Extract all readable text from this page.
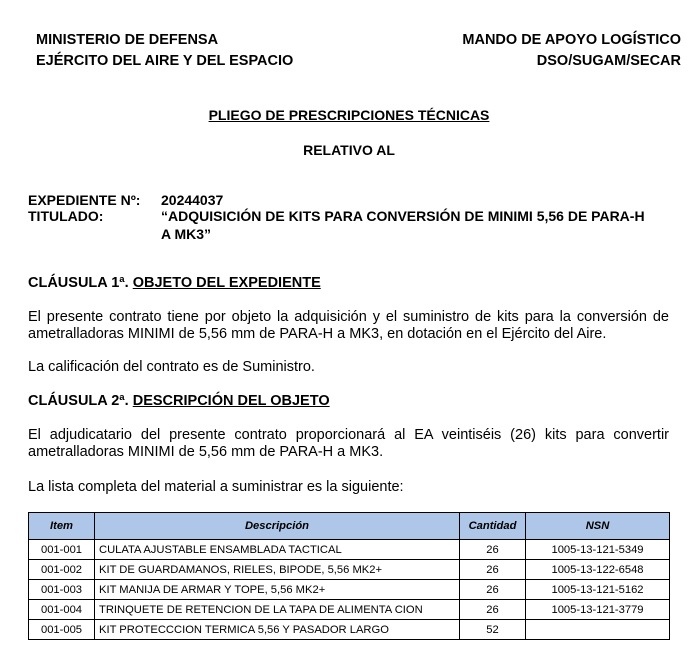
MINISTERIO DE DEFENSA
EJÉRCITO DEL AIRE Y DEL ESPACIO
MANDO DE APOYO LOGÍSTICO
DSO/SUGAM/SECAR
PLIEGO DE PRESCRIPCIONES TÉCNICAS
RELATIVO AL
EXPEDIENTE Nº: 20244037
TITULADO:	“ADQUISICIÓN DE KITS PARA CONVERSIÓN DE MINIMI 5,56 DE PARA-H
A MK3”
CLÁUSULA 1ª. OBJETO DEL EXPEDIENTE
El presente contrato tiene por objeto la adquisición y el suministro de kits para la conversión de
ametralladoras MINIMI de 5,56 mm de PARA-H a MK3, en dotación en el Ejército del Aire.
La calificación del contrato es de Suministro.
CLÁUSULA 2ª. DESCRIPCIÓN DEL OBJETO
El adjudicatario del presente contrato proporcionará al EA veintiséis (26) kits para convertir
ametralladoras MINIMI de 5,56 mm de PARA-H a MK3.
La lista completa del material a suministrar es la siguiente:
Item	Descripción	Cantidad	NSN
001-001	CULATA AJUSTABLE ENSAMBLADA TACTICAL	26	1005-13-121-5349
001-002	KIT DE GUARDAMANOS, RIELES, BIPODE, 5,56 MK2+	26	1005-13-122-6548
001-003	KIT MANIJA DE ARMAR Y TOPE, 5,56 MK2+	26	1005-13-121-5162
001-004	TRINQUETE DE RETENCION DE LA TAPA DE ALIMENTA CION	26	1005-13-121-3779
001-005	KIT PROTECCCION TERMICA 5,56 Y PASADOR LARGO	52	
